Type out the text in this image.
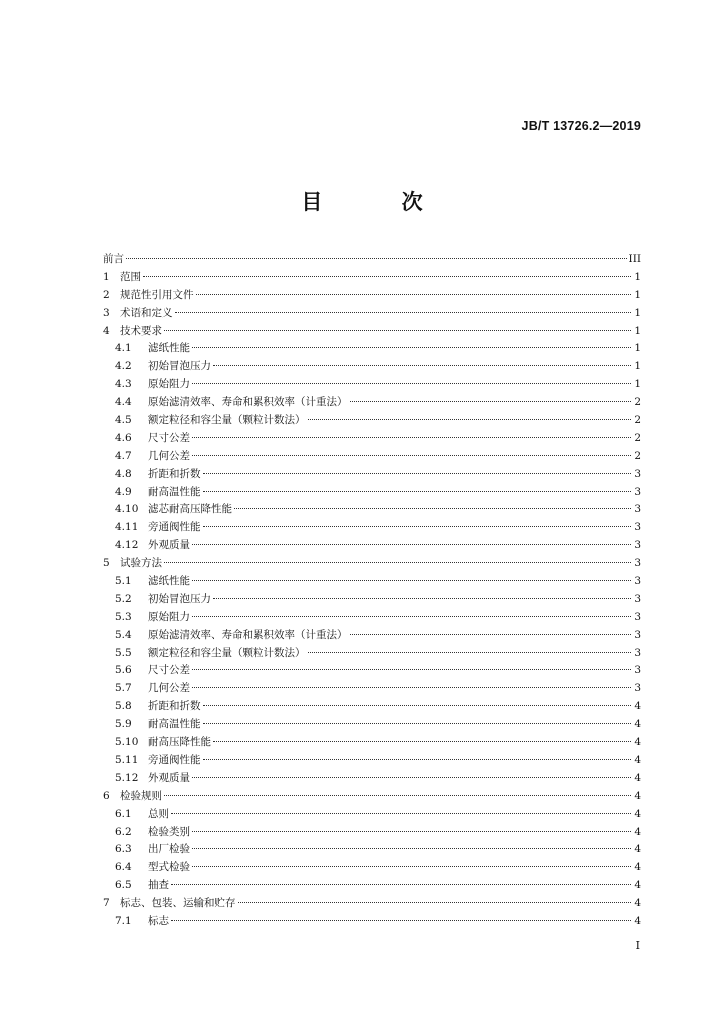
JB/T 13726.2—2019
目 次
前言	III
1 范围	1
2 规范性引用文件	1
3 术语和定义	1
4 技术要求	1
4.1	滤纸性能	1
4.2	初始冒泡压力	1
4.3	原始阻力	1
4.4	原始滤清效率、寿命和累积效率（计重法）	2
4.5	额定粒径和容尘量（颗粒计数法）	2
4.6	尺寸公差	2
4.7	几何公差	2
4.8	折距和折数	3
4.9	耐高温性能	3
4.10 滤芯耐高压降性能	3
4.11 旁通阀性能	3
4.12 外观质量	3
5 试验方法	3
5.1	滤纸性能	3
5.2	初始冒泡压力	3
5.3	原始阻力	3
5.4	原始滤清效率、寿命和累积效率（计重法）	3
5.5	额定粒径和容尘量（颗粒计数法）	3
5.6	尺寸公差	3
5.7	几何公差	3
5.8	折距和折数	4
5.9	耐高温性能	4
5.10 耐高压降性能	4
5.11 旁通阀性能	4
5.12 外观质量	4
6 检验规则	4
6.1	总则	4
6.2	检验类别	4
6.3	出厂检验	4
6.4	型式检验	4
6.5	抽查	4
7 标志、包装、运输和贮存	4
7.1	标志	4
I
